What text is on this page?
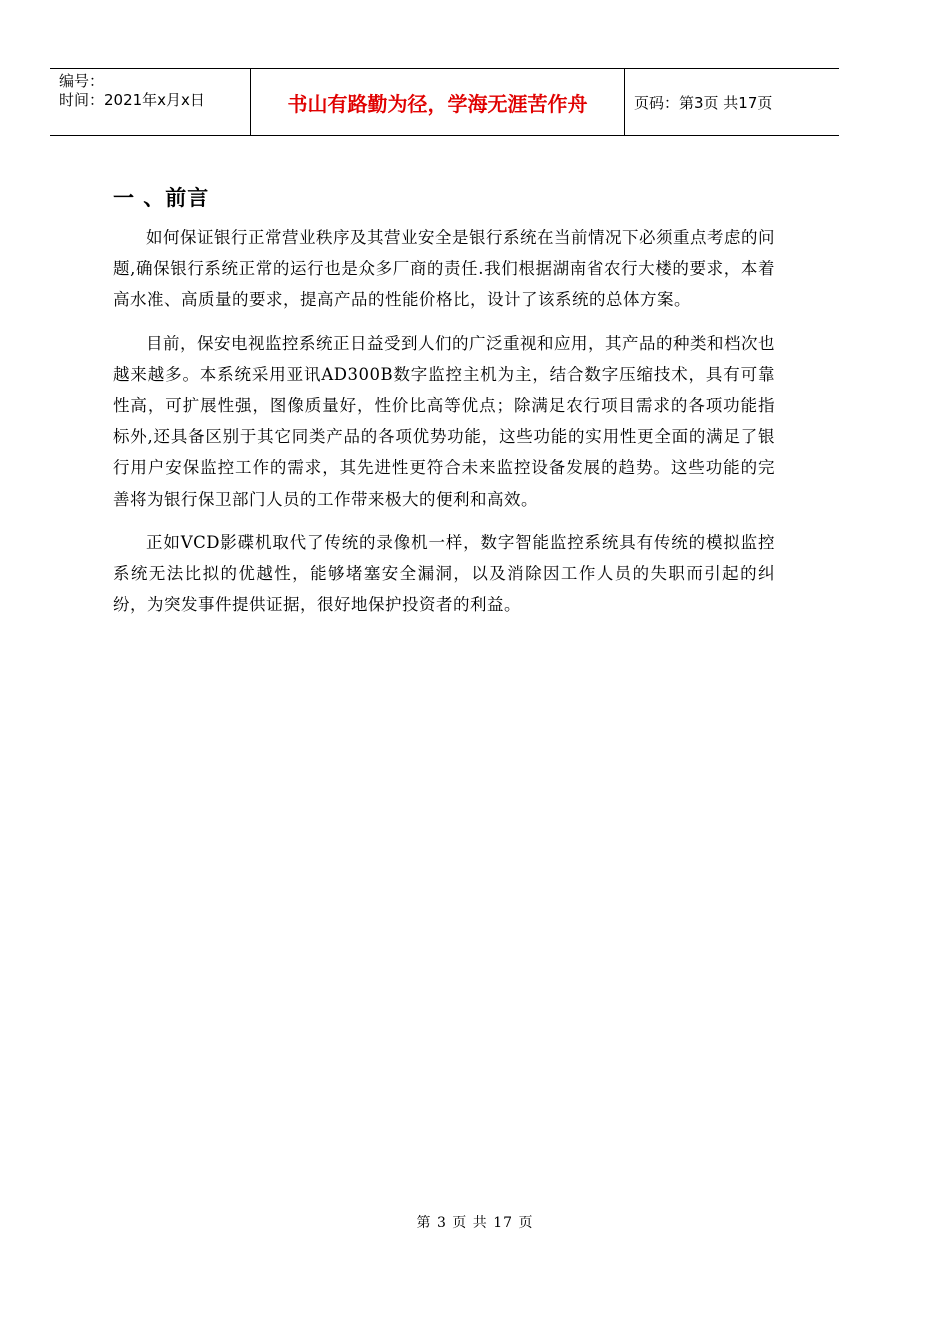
编号：
时间：2021年x月x日	书山有路勤为径，学海无涯苦作舟	页码：第3页 共17页
一 、前言

如何保证银行正常营业秩序及其营业安全是银行系统在当前情况下必须重点考虑的问题,确保银行系统正常的运行也是众多厂商的责任.我们根据湖南省农行大楼的要求，本着高水准、高质量的要求，提高产品的性能价格比，设计了该系统的总体方案。

目前，保安电视监控系统正日益受到人们的广泛重视和应用，其产品的种类和档次也越来越多。本系统采用亚讯AD300B数字监控主机为主，结合数字压缩技术，具有可靠性高，可扩展性强，图像质量好，性价比高等优点；除满足农行项目需求的各项功能指标外,还具备区别于其它同类产品的各项优势功能，这些功能的实用性更全面的满足了银行用户安保监控工作的需求，其先进性更符合未来监控设备发展的趋势。这些功能的完善将为银行保卫部门人员的工作带来极大的便利和高效。

正如VCD影碟机取代了传统的录像机一样，数字智能监控系统具有传统的模拟监控系统无法比拟的优越性，能够堵塞安全漏洞，以及消除因工作人员的失职而引起的纠纷，为突发事件提供证据，很好地保护投资者的利益。

第 3 页 共 17 页
